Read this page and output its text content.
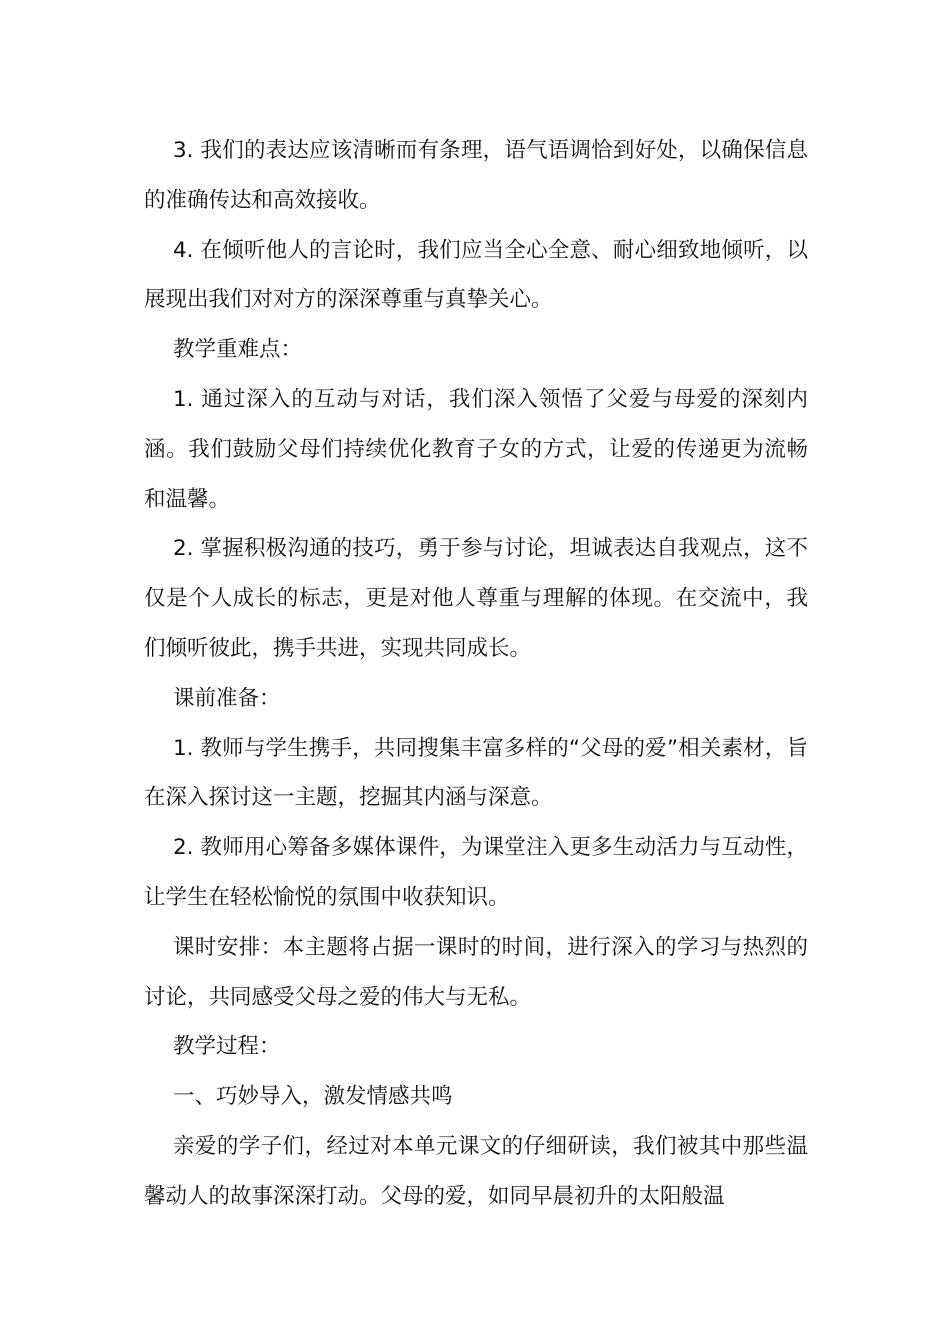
3. 我们的表达应该清晰而有条理，语气语调恰到好处，以确保信息的准确传达和高效接收。

4. 在倾听他人的言论时，我们应当全心全意、耐心细致地倾听，以展现出我们对对方的深深尊重与真挚关心。

教学重难点：

1. 通过深入的互动与对话，我们深入领悟了父爱与母爱的深刻内涵。我们鼓励父母们持续优化教育子女的方式，让爱的传递更为流畅和温馨。

2. 掌握积极沟通的技巧，勇于参与讨论，坦诚表达自我观点，这不仅是个人成长的标志，更是对他人尊重与理解的体现。在交流中，我们倾听彼此，携手共进，实现共同成长。

课前准备：

1. 教师与学生携手，共同搜集丰富多样的“父母的爱”相关素材，旨在深入探讨这一主题，挖掘其内涵与深意。

2. 教师用心筹备多媒体课件，为课堂注入更多生动活力与互动性，让学生在轻松愉悦的氛围中收获知识。

课时安排：本主题将占据一课时的时间，进行深入的学习与热烈的讨论，共同感受父母之爱的伟大与无私。

教学过程：

一、巧妙导入，激发情感共鸣

亲爱的学子们，经过对本单元课文的仔细研读，我们被其中那些温馨动人的故事深深打动。父母的爱，如同早晨初升的太阳般温
